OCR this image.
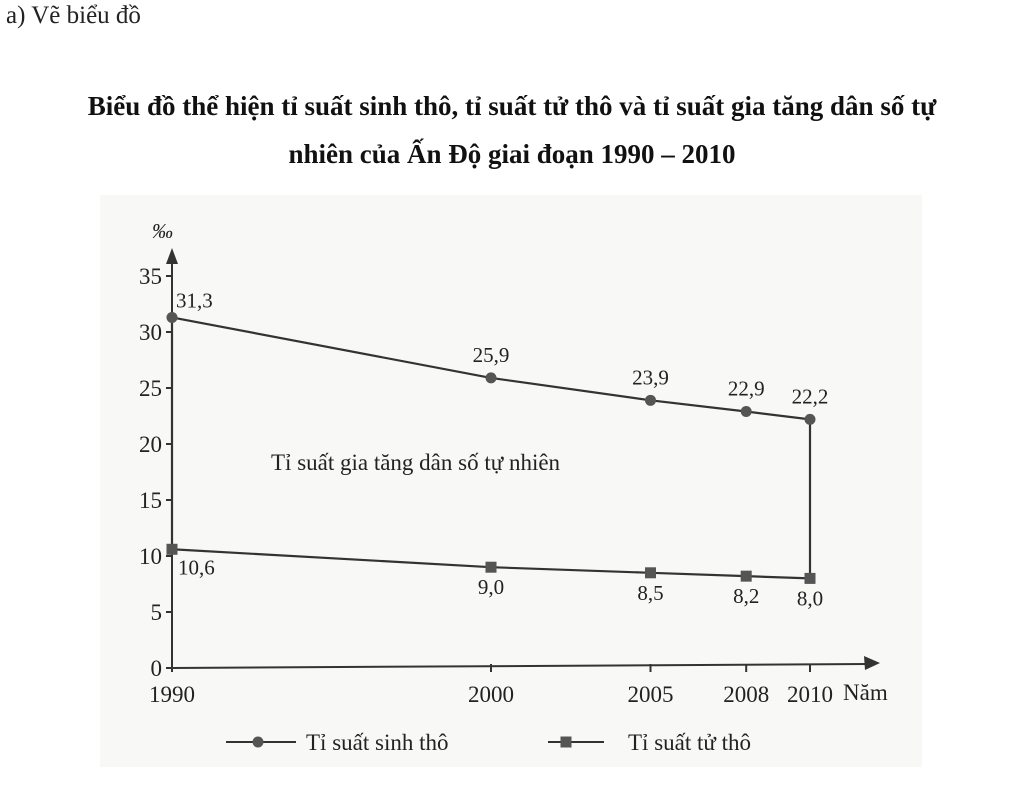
a) Vẽ biểu đồ
Biểu đồ thể hiện tỉ suất sinh thô, tỉ suất tử thô và tỉ suất gia tăng dân số tự
nhiên của Ấn Độ giai đoạn 1990 – 2010
‰
Năm
0
5
10
15
20
25
30
35
1990	2000	2005 2008 2010
31,3
10,6
25,9
9,0
23,9
8,5
22,9
8,2
22,2
8,0
Tỉ suất gia tăng dân số tự nhiên
Tỉ suất sinh thô	Tỉ suất tử thô
